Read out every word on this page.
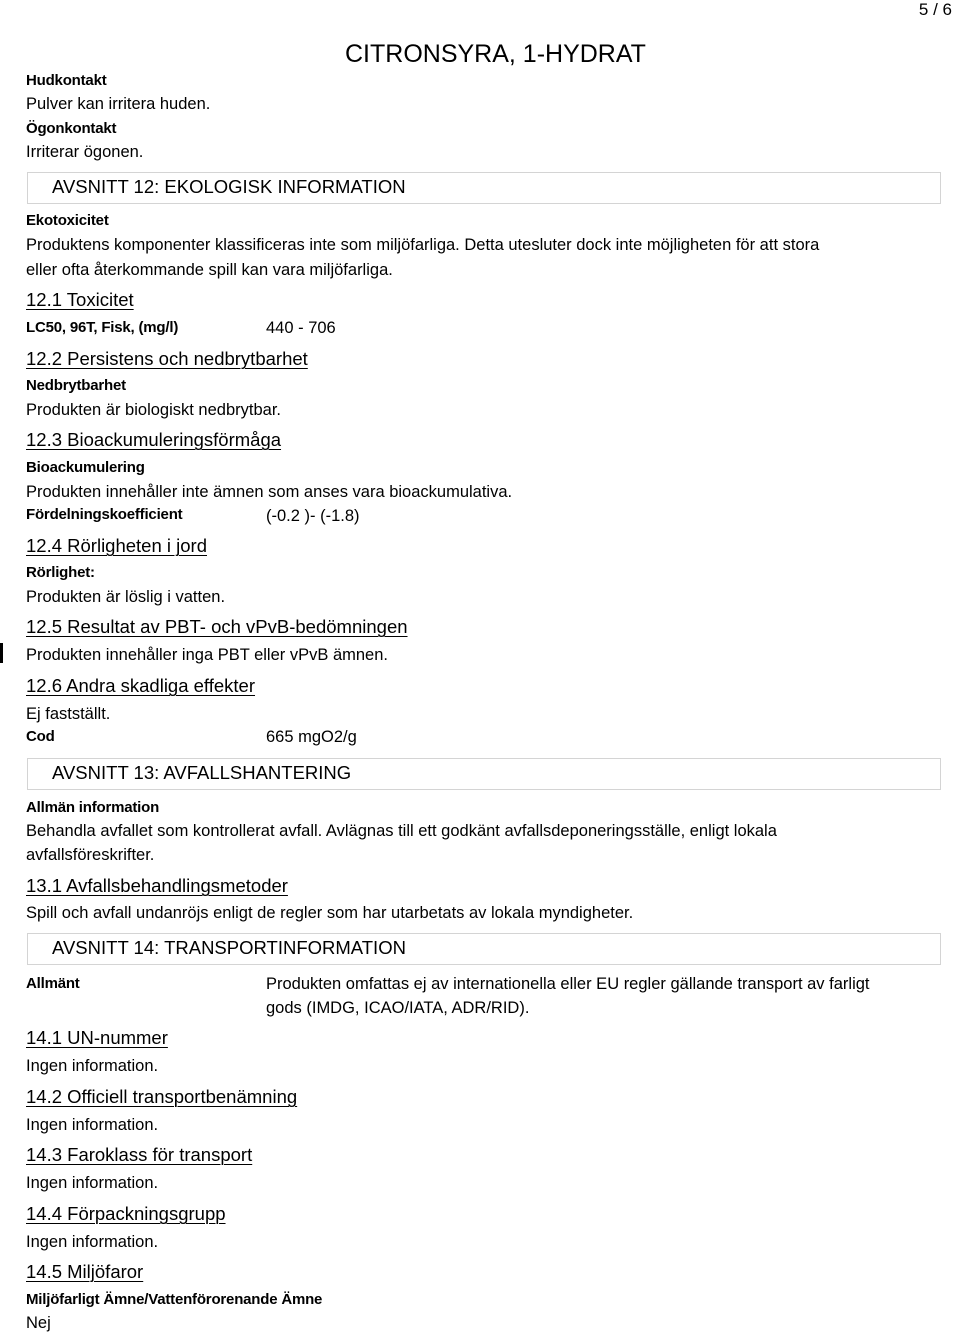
5 / 6
CITRONSYRA, 1-HYDRAT
Hudkontakt
Pulver kan irritera huden.
Ögonkontakt
Irriterar ögonen.
AVSNITT 12: EKOLOGISK INFORMATION
Ekotoxicitet
Produktens komponenter klassificeras inte som miljöfarliga. Detta utesluter dock inte möjligheten för att stora
eller ofta återkommande spill kan vara miljöfarliga.
12.1 Toxicitet
LC50, 96T, Fisk, (mg/l)	440 - 706
12.2 Persistens och nedbrytbarhet
Nedbrytbarhet
Produkten är biologiskt nedbrytbar.
12.3 Bioackumuleringsförmåga
Bioackumulering
Produkten innehåller inte ämnen som anses vara bioackumulativa.
Fördelningskoefficient	(-0.2 )- (-1.8)
12.4 Rörligheten i jord
Rörlighet:
Produkten är löslig i vatten.
12.5 Resultat av PBT- och vPvB-bedömningen
Produkten innehåller inga PBT eller vPvB ämnen.
12.6 Andra skadliga effekter
Ej fastställt.
Cod	665 mgO2/g
AVSNITT 13: AVFALLSHANTERING
Allmän information
Behandla avfallet som kontrollerat avfall. Avlägnas till ett godkänt avfallsdeponeringsställe, enligt lokala
avfallsföreskrifter.
13.1 Avfallsbehandlingsmetoder
Spill och avfall undanröjs enligt de regler som har utarbetats av lokala myndigheter.
AVSNITT 14: TRANSPORTINFORMATION
Allmänt	Produkten omfattas ej av internationella eller EU regler gällande transport av farligt
gods (IMDG, ICAO/IATA, ADR/RID).
14.1 UN-nummer
Ingen information.
14.2 Officiell transportbenämning
Ingen information.
14.3 Faroklass för transport
Ingen information.
14.4 Förpackningsgrupp
Ingen information.
14.5 Miljöfaror
Miljöfarligt Ämne/Vattenförorenande Ämne
Nej
